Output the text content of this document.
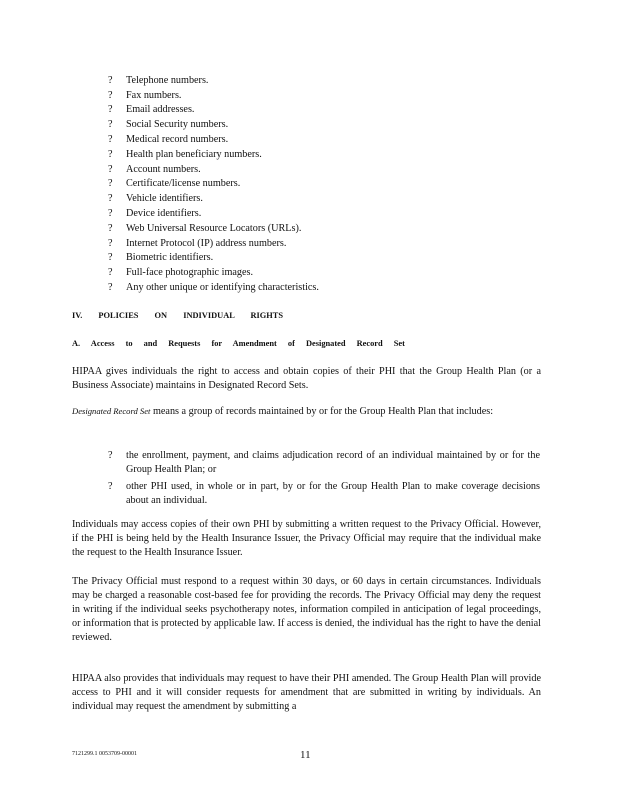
?	Telephone numbers.
?	Fax numbers.
?	Email addresses.
?	Social Security numbers.
?	Medical record numbers.
?	Health plan beneficiary numbers.
?	Account numbers.
?	Certificate/license numbers.
?	Vehicle identifiers.
?	Device identifiers.
?	Web Universal Resource Locators (URLs).
?	Internet Protocol (IP) address numbers.
?	Biometric identifiers.
?	Full-face photographic images.
?	Any other unique or identifying characteristics.
IV. POLICIES ON INDIVIDUAL RIGHTS
A. Access to and Requests for Amendment of Designated Record Set

HIPAA gives individuals the right to access and obtain copies of their PHI that the Group Health Plan (or a Business Associate) maintains in Designated Record Sets.

Designated Record Set means a group of records maintained by or for the Group Health Plan that includes:

? the enrollment, payment, and claims adjudication record of an individual maintained by or for the Group Health Plan; or
? other PHI used, in whole or in part, by or for the Group Health Plan to make coverage decisions about an individual.

Individuals may access copies of their own PHI by submitting a written request to the Privacy Official. However, if the PHI is being held by the Health Insurance Issuer, the Privacy Official may require that the individual make the request to the Health Insurance Issuer.

The Privacy Official must respond to a request within 30 days, or 60 days in certain circumstances. Individuals may be charged a reasonable cost-based fee for providing the records. The Privacy Official may deny the request in writing if the individual seeks psychotherapy notes, information compiled in anticipation of legal proceedings, or information that is protected by applicable law. If access is denied, the individual has the right to have the denial reviewed.

HIPAA also provides that individuals may request to have their PHI amended. The Group Health Plan will provide access to PHI and it will consider requests for amendment that are submitted in writing by individuals. An individual may request the amendment by submitting a

7121299.1 0053709-00001	11
